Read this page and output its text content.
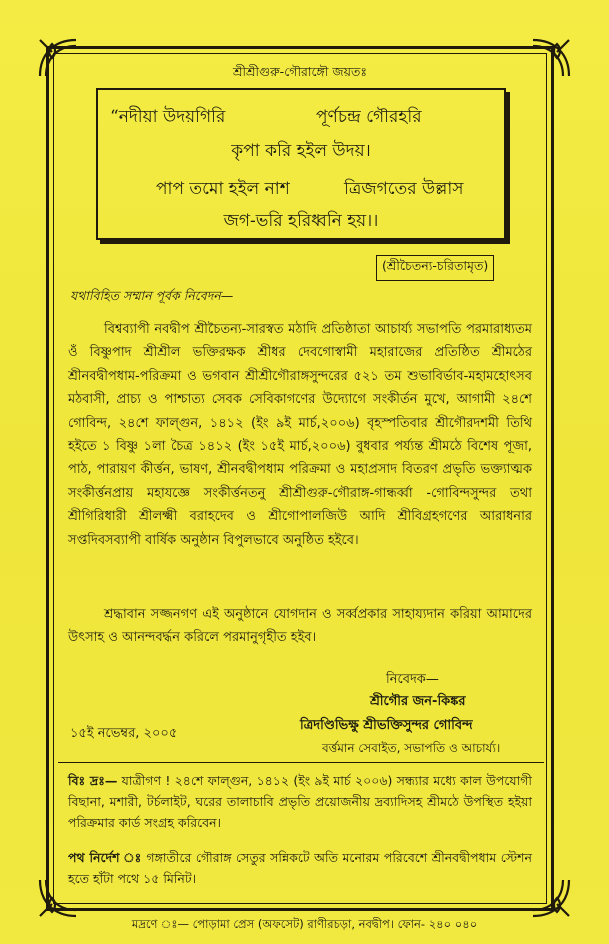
শ্রীশ্রীগুরু-গৌরাঙ্গৌ জয়তঃ
“নদীয়া উদয়গিরি	পূর্ণচন্দ্র গৌরহরি
কৃপা করি হইল উদয়।
পাপ তমো হইল নাশ	ত্রিজগতের উল্লাস
জগ-ভরি হরিধ্বনি হয়।।
(শ্রীচৈতন্য-চরিতামৃত)
যথাবিহিত সম্মান পূর্বক নিবেদন—

বিশ্বব্যাপী নবদ্বীপ শ্রীচৈতন্য-সারস্বত মঠাদি প্রতিষ্ঠাতা আচার্য্য সভাপতি পরমারাধ্যতম ওঁ বিষ্ণুপাদ শ্রীশ্রীল ভক্তিরক্ষক শ্রীধর দেবগোস্বামী মহারাজের প্রতিষ্ঠিত শ্রীমঠের শ্রীনবদ্বীপধাম-পরিক্রমা ও ভগবান শ্রীশ্রীগৌরাঙ্গসুন্দরের ৫২১ তম শুভাবির্ভাব-মহামহোৎসব মঠবাসী, প্রাচ্য ও পাশ্চাত্য সেবক সেবিকাগণের উদ্যোগে সংকীর্তন মুখে, আগামী ২৪শে গোবিন্দ, ২৪শে ফাল্গুন, ১৪১২ (ইং ৯ই মার্চ,২০০৬) বৃহস্পতিবার শ্রীগৌরদশমী তিথি হইতে ১ বিষ্ণু ১লা চৈত্র ১৪১২ (ইং ১৫ই মার্চ,২০০৬) বুধবার পর্য্যন্ত শ্রীমঠে বিশেষ পূজা, পাঠ, পারায়ণ কীর্ত্তন, ভাষণ, শ্রীনবদ্বীপধাম পরিক্রমা ও মহাপ্রসাদ বিতরণ প্রভৃতি ভক্ত্যাত্মক সংকীর্ত্তনপ্রায় মহাযজ্ঞে সংকীর্ত্তনতনু শ্রীশ্রীগুরু-গৌরাঙ্গ-গান্ধর্ব্বা -গোবিন্দসুন্দর তথা শ্রীগিরিধারী শ্রীলক্ষ্মী বরাহদেব ও শ্রীগোপালজিউ আদি শ্রীবিগ্রহগণের আরাধনার সপ্তদিবসব্যাপী বার্ষিক অনুষ্ঠান বিপুলভাবে অনুষ্ঠিত হইবে।

শ্রদ্ধাবান সজ্জনগণ এই অনুষ্ঠানে যোগদান ও সর্ব্বপ্রকার সাহায্যদান করিয়া আমাদের উৎসাহ ও আনন্দবর্দ্ধন করিলে পরমানুগৃহীত হইব।

নিবেদক—
শ্রীগৌর জন-কিঙ্কর
ত্রিদণ্ডিভিক্ষু শ্রীভক্তিসুন্দর গোবিন্দ
বর্ত্তমান সেবাইত, সভাপতি ও আচার্য্য।
১৫ই নভেম্বর, ২০০৫

বিঃ দ্রঃ— যাত্রীগণ ! ২৪শে ফাল্গুন, ১৪১২ (ইং ৯ই মার্চ ২০০৬) সন্ধ্যার মধ্যে কাল উপযোগী বিছানা, মশারী, টর্চলাইট, ঘরের তালাচাবি প্রভৃতি প্রয়োজনীয় দ্রব্যাদিসহ শ্রীমঠে উপস্থিত হইয়া পরিক্রমার কার্ড সংগ্রহ করিবেন।

পথ নির্দেশ ঃ গঙ্গাতীরে গৌরাঙ্গ সেতুর সন্নিকটে অতি মনোরম পরিবেশে শ্রীনবদ্বীপধাম স্টেশন হতে হাঁটা পথে ১৫ মিনিট।

মদ্রণে ঃ— পোড়ামা প্রেস (অফসেট) রাণীরচড়া, নবদ্বীপ। ফোন- ২৪০ ০৪০
